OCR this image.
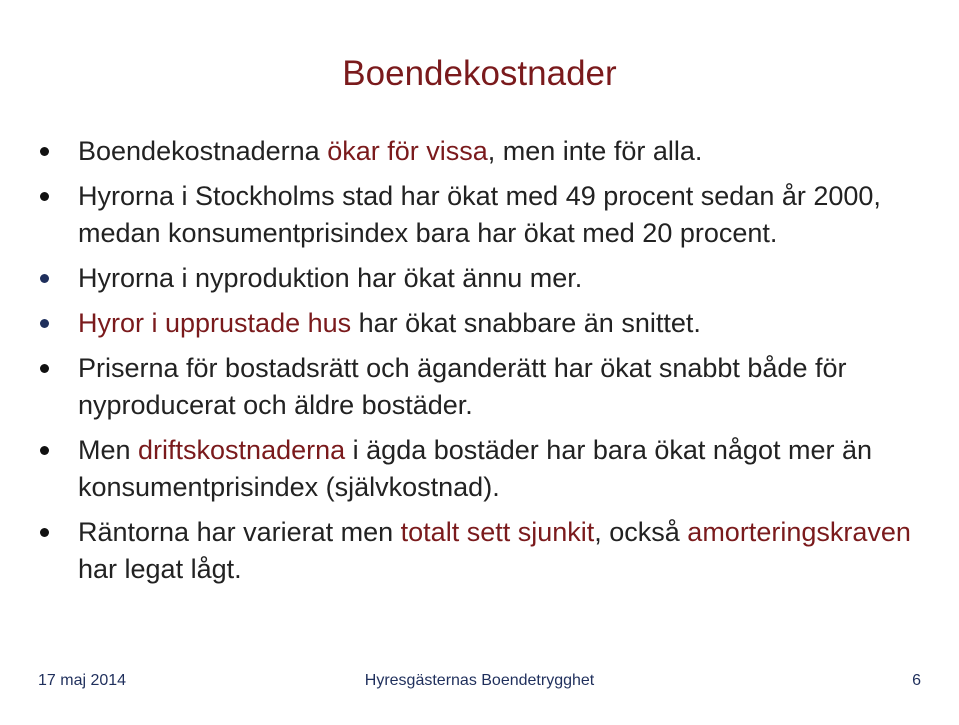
Boendekostnader
Boendekostnaderna ökar för vissa, men inte för alla.
Hyrorna i Stockholms stad har ökat med 49 procent sedan år 2000, medan konsumentprisindex bara har ökat med 20 procent.
Hyrorna i nyproduktion har ökat ännu mer.
Hyror i upprustade hus har ökat snabbare än snittet.
Priserna för bostadsrätt och äganderätt har ökat snabbt både för nyproducerat och äldre bostäder.
Men driftskostnaderna i ägda bostäder har bara ökat något mer än konsumentprisindex (självkostnad).
Räntorna har varierat men totalt sett sjunkit, också amorteringskraven har legat lågt.
17 maj 2014	Hyresgästernas Boendetrygghet	6
